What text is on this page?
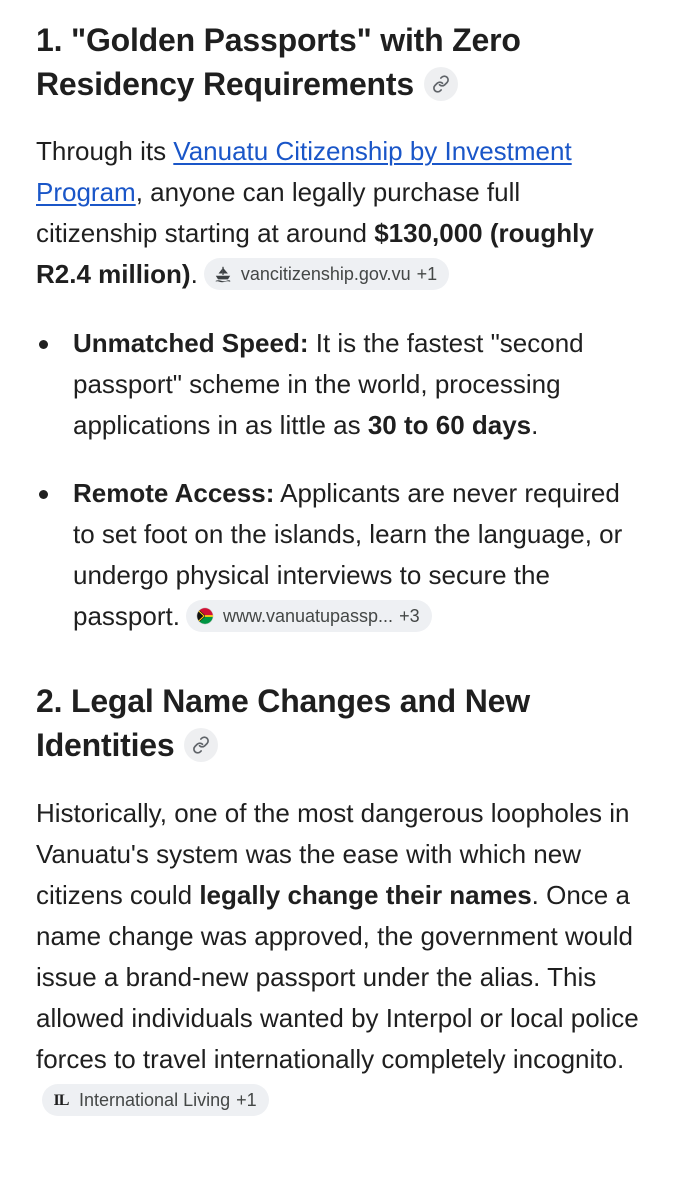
1. "Golden Passports" with Zero Residency Requirements

Through its Vanuatu Citizenship by Investment Program, anyone can legally purchase full citizenship starting at around $130,000 (roughly R2.4 million). vancitizenship.gov.vu +1

Unmatched Speed: It is the fastest "second passport" scheme in the world, processing applications in as little as 30 to 60 days.
Remote Access: Applicants are never required to set foot on the islands, learn the language, or undergo physical interviews to secure the passport. www.vanuatupassp... +3
2. Legal Name Changes and New Identities

Historically, one of the most dangerous loopholes in Vanuatu's system was the ease with which new citizens could legally change their names. Once a name change was approved, the government would issue a brand-new passport under the alias. This allowed individuals wanted by Interpol or local police forces to travel internationally completely incognito.
IL International Living +1
